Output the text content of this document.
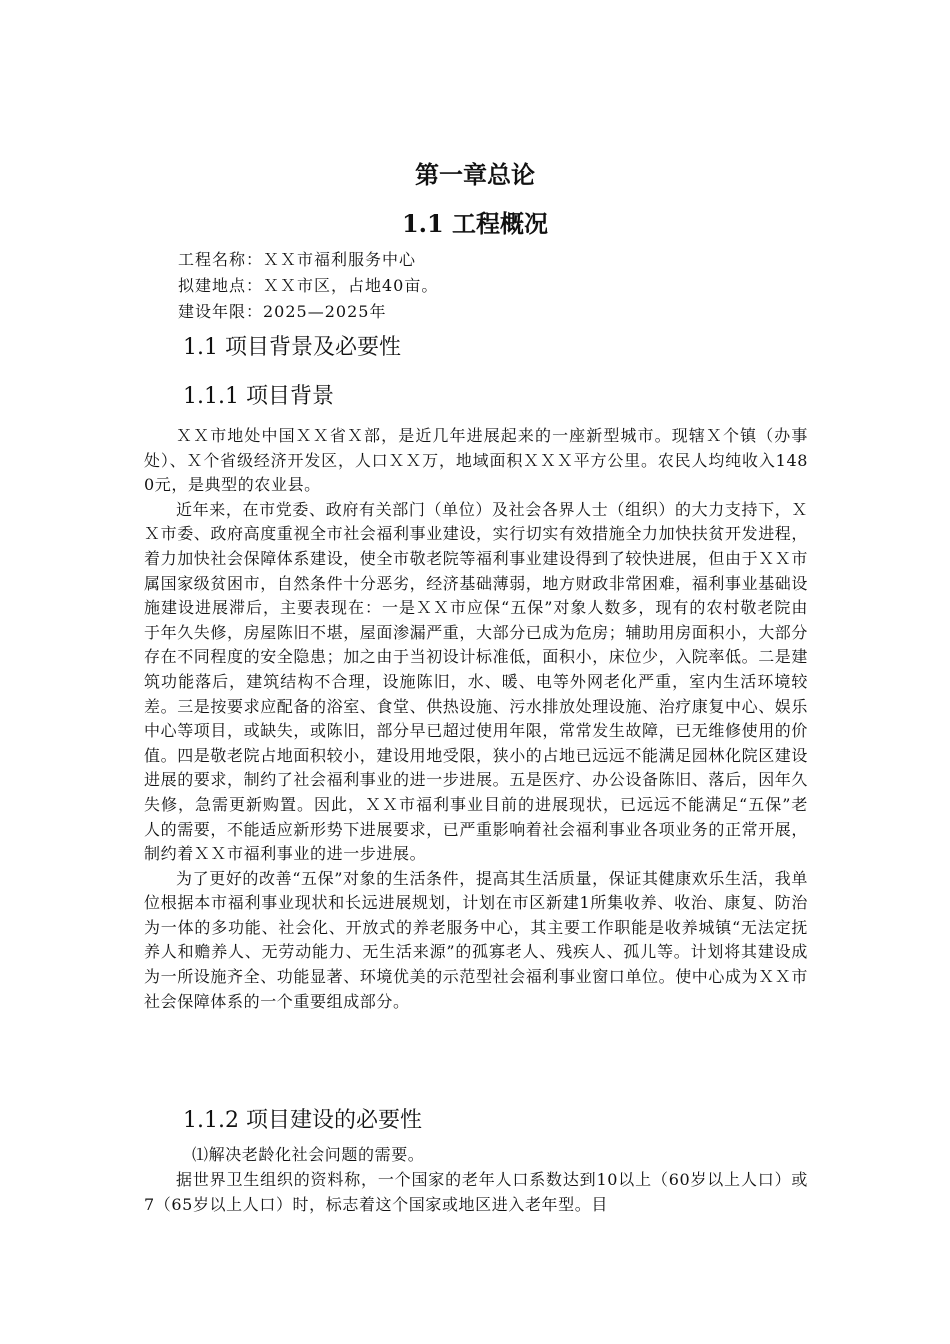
第一章总论
1.1 工程概况
工程名称：ＸＸ市福利服务中心
拟建地点：ＸＸ市区，占地40亩。
建设年限：2025—2025年
1.1 项目背景及必要性
1.1.1 项目背景

ＸＸ市地处中国ＸＸ省Ｘ部，是近几年进展起来的一座新型城市。现辖Ｘ个镇（办事处）、Ｘ个省级经济开发区，人口ＸＸ万，地域面积ＸＸＸ平方公里。农民人均纯收入1480元，是典型的农业县。

近年来，在市党委、政府有关部门（单位）及社会各界人士（组织）的大力支持下，ＸＸ市委、政府高度重视全市社会福利事业建设，实行切实有效措施全力加快扶贫开发进程，着力加快社会保障体系建设，使全市敬老院等福利事业建设得到了较快进展，但由于ＸＸ市属国家级贫困市，自然条件十分恶劣，经济基础薄弱，地方财政非常困难，福利事业基础设施建设进展滞后，主要表现在：一是ＸＸ市应保“五保”对象人数多，现有的农村敬老院由于年久失修，房屋陈旧不堪，屋面渗漏严重，大部分已成为危房；辅助用房面积小，大部分存在不同程度的安全隐患；加之由于当初设计标准低，面积小，床位少，入院率低。二是建筑功能落后，建筑结构不合理，设施陈旧，水、暖、电等外网老化严重，室内生活环境较差。三是按要求应配备的浴室、食堂、供热设施、污水排放处理设施、治疗康复中心、娱乐中心等项目，或缺失，或陈旧，部分早已超过使用年限，常常发生故障，已无维修使用的价值。四是敬老院占地面积较小，建设用地受限，狭小的占地已远远不能满足园林化院区建设进展的要求，制约了社会福利事业的进一步进展。五是医疗、办公设备陈旧、落后，因年久失修，急需更新购置。因此，ＸＸ市福利事业目前的进展现状，已远远不能满足“五保”老人的需要，不能适应新形势下进展要求，已严重影响着社会福利事业各项业务的正常开展，制约着ＸＸ市福利事业的进一步进展。

为了更好的改善“五保”对象的生活条件，提高其生活质量，保证其健康欢乐生活，我单位根据本市福利事业现状和长远进展规划，计划在市区新建1所集收养、收治、康复、防治为一体的多功能、社会化、开放式的养老服务中心，其主要工作职能是收养城镇“无法定抚养人和赡养人、无劳动能力、无生活来源”的孤寡老人、残疾人、孤儿等。计划将其建设成为一所设施齐全、功能显著、环境优美的示范型社会福利事业窗口单位。使中心成为ＸＸ市社会保障体系的一个重要组成部分。

1.1.2 项目建设的必要性

⑴解决老龄化社会问题的需要。

据世界卫生组织的资料称，一个国家的老年人口系数达到10以上（60岁以上人口）或7（65岁以上人口）时，标志着这个国家或地区进入老年型。目
